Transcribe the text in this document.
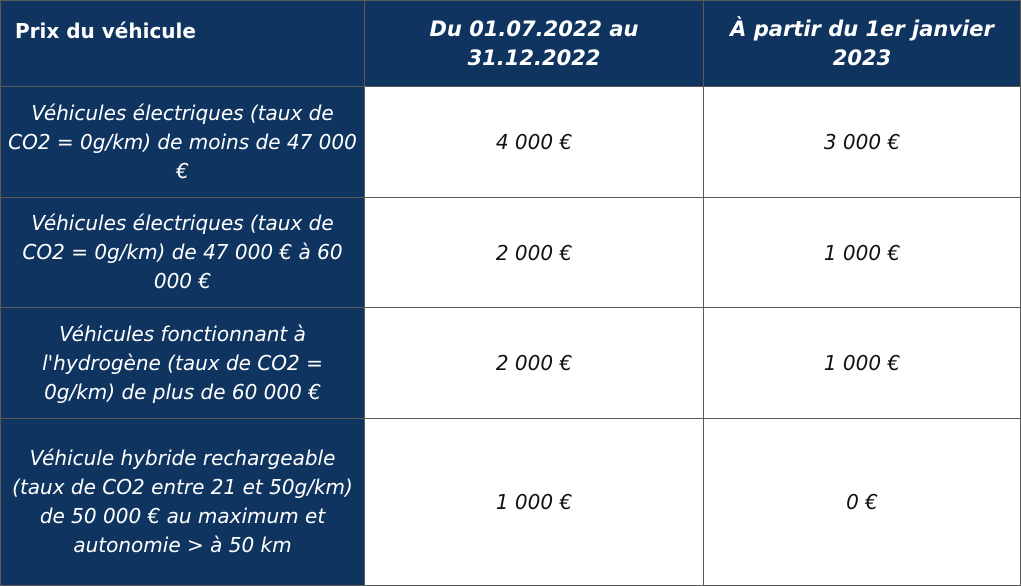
Prix du véhicule	Du 01.07.2022 au 31.12.2022	À partir du 1er janvier 2023
Véhicules électriques (taux de CO2 = 0g/km) de moins de 47 000 €	4 000 €	3 000 €
Véhicules électriques (taux de CO2 = 0g/km) de 47 000 € à 60 000 €	2 000 €	1 000 €
Véhicules fonctionnant à l'hydrogène (taux de CO2 = 0g/km) de plus de 60 000 €	2 000 €	1 000 €
Véhicule hybride rechargeable (taux de CO2 entre 21 et 50g/km) de 50 000 € au maximum et autonomie > à 50 km	1 000 €	0 €
